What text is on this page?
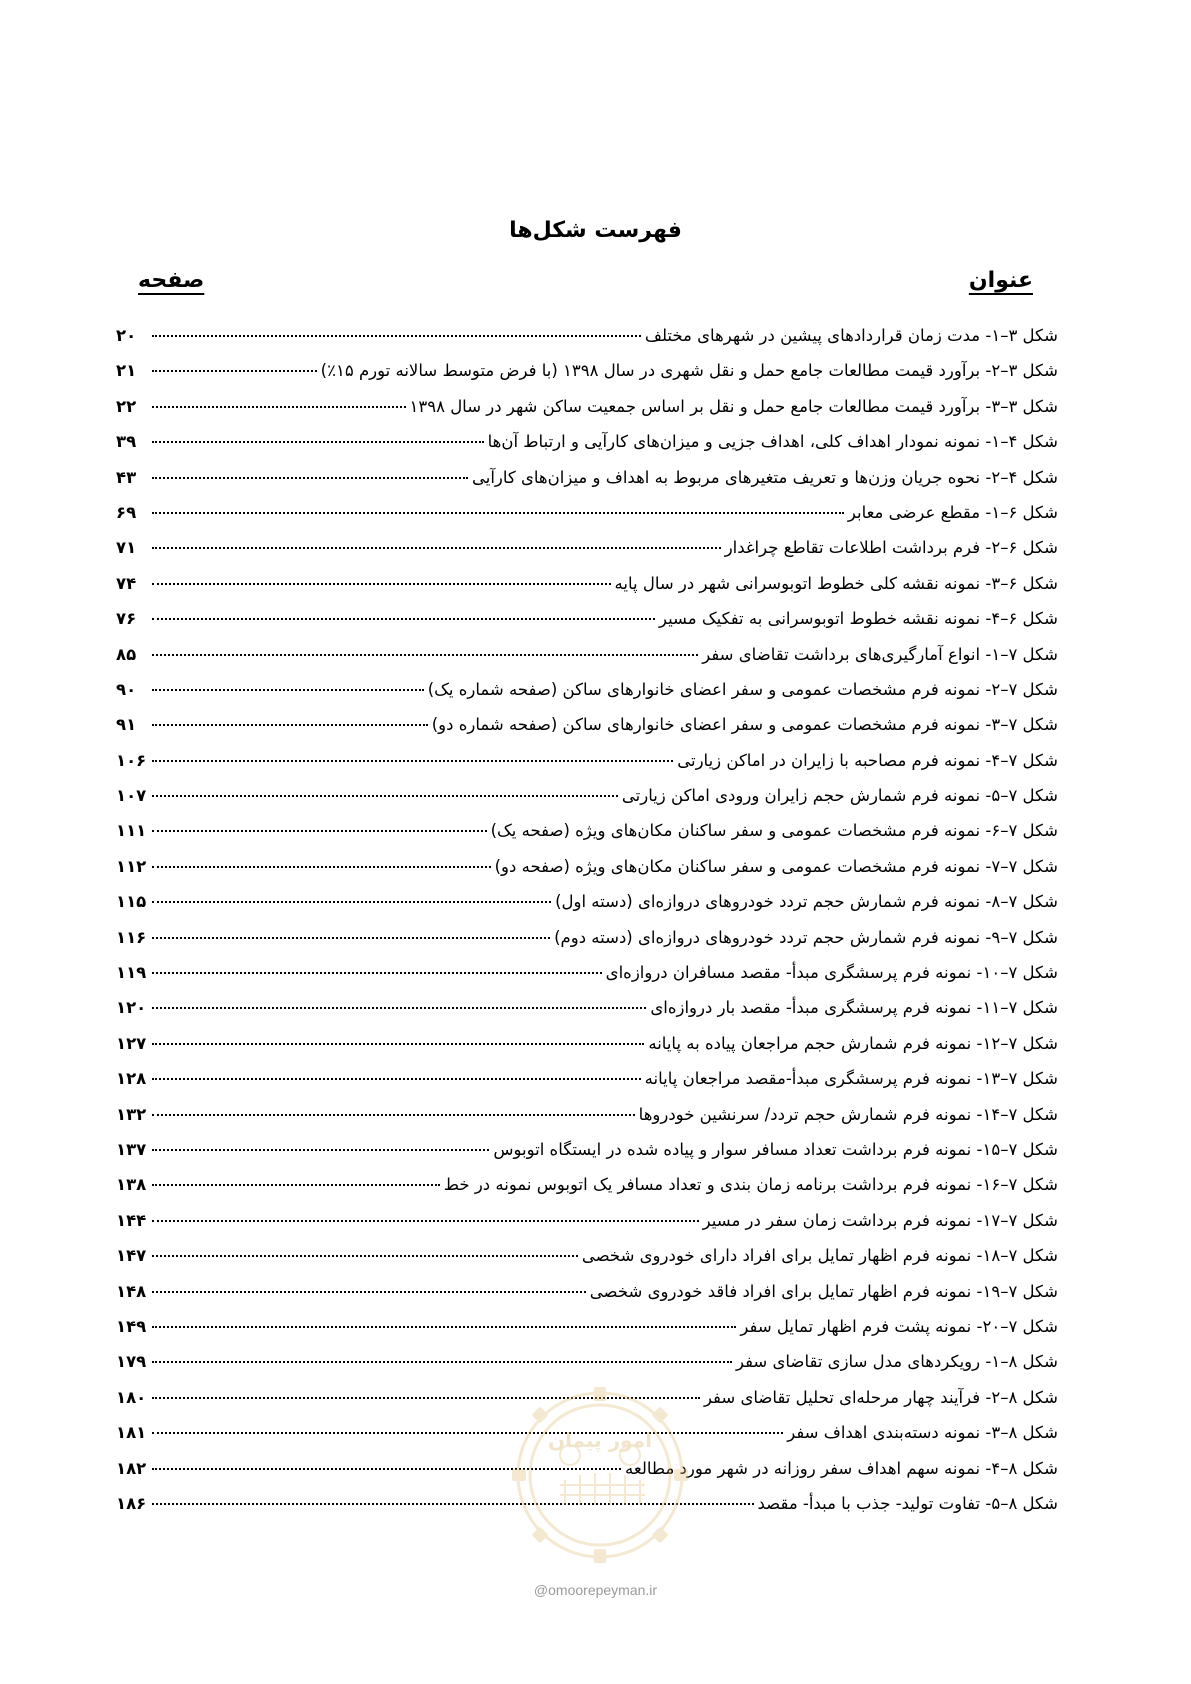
فهرست شکل‌ها
عنوان
صفحه
شکل ۳–۱- مدت زمان قراردادهای پیشین در شهرهای مختلف
۲۰
شکل ۳–۲- برآورد قیمت مطالعات جامع حمل و نقل شهری در سال ۱۳۹۸ (با فرض متوسط سالانه تورم ۱۵٪)
۲۱
شکل ۳–۳- برآورد قیمت مطالعات جامع حمل و نقل بر اساس جمعیت ساکن شهر در سال ۱۳۹۸
۲۲
شکل ۴–۱- نمونه نمودار اهداف کلی، اهداف جزیی و میزان‌های کارآیی و ارتباط آن‌ها
۳۹
شکل ۴–۲- نحوه جریان وزن‌ها و تعریف متغیرهای مربوط به اهداف و میزان‌های کارآیی
۴۳
شکل ۶–۱- مقطع عرضی معابر
۶۹
شکل ۶–۲- فرم برداشت اطلاعات تقاطع چراغدار
۷۱
شکل ۶–۳- نمونه نقشه کلی خطوط اتوبوسرانی شهر در سال پایه
۷۴
شکل ۶–۴- نمونه نقشه خطوط اتوبوسرانی به تفکیک مسیر
۷۶
شکل ۷–۱- انواع آمارگیری‌های برداشت تقاضای سفر
۸۵
شکل ۷–۲- نمونه فرم مشخصات عمومی و سفر اعضای خانوارهای ساکن (صفحه شماره یک)
۹۰
شکل ۷–۳- نمونه فرم مشخصات عمومی و سفر اعضای خانوارهای ساکن (صفحه شماره دو)
۹۱
شکل ۷–۴- نمونه فرم مصاحبه با زایران در اماکن زیارتی
۱۰۶
شکل ۷–۵- نمونه فرم شمارش حجم زایران ورودی اماکن زیارتی
۱۰۷
شکل ۷–۶- نمونه فرم مشخصات عمومی و سفر ساکنان مکان‌های ویژه (صفحه یک)
۱۱۱
شکل ۷–۷- نمونه فرم مشخصات عمومی و سفر ساکنان مکان‌های ویژه (صفحه دو)
۱۱۲
شکل ۷–۸- نمونه فرم شمارش حجم تردد خودروهای دروازه‌ای (دسته اول)
۱۱۵
شکل ۷–۹- نمونه فرم شمارش حجم تردد خودروهای دروازه‌ای (دسته دوم)
۱۱۶
شکل ۷–۱۰- نمونه فرم پرسشگری مبدأ- مقصد مسافران دروازه‌ای
۱۱۹
شکل ۷–۱۱- نمونه فرم پرسشگری مبدأ- مقصد بار دروازه‌ای
۱۲۰
شکل ۷–۱۲- نمونه فرم شمارش حجم مراجعان پیاده به پایانه
۱۲۷
شکل ۷–۱۳- نمونه فرم پرسشگری مبدأ-مقصد مراجعان پایانه
۱۲۸
شکل ۷–۱۴- نمونه فرم شمارش حجم تردد/ سرنشین خودروها
۱۳۲
شکل ۷–۱۵- نمونه فرم برداشت تعداد مسافر سوار و پیاده شده در ایستگاه اتوبوس
۱۳۷
شکل ۷–۱۶- نمونه فرم برداشت برنامه زمان بندی و تعداد مسافر یک اتوبوس نمونه در خط
۱۳۸
شکل ۷–۱۷- نمونه فرم برداشت زمان سفر در مسیر
۱۴۴
شکل ۷–۱۸- نمونه فرم اظهار تمایل برای افراد دارای خودروی شخصی
۱۴۷
شکل ۷–۱۹- نمونه فرم اظهار تمایل برای افراد فاقد خودروی شخصی
۱۴۸
شکل ۷–۲۰- نمونه پشت فرم اظهار تمایل سفر
۱۴۹
شکل ۸–۱- رویکردهای مدل سازی تقاضای سفر
۱۷۹
شکل ۸–۲- فرآیند چهار مرحله‌ای تحلیل تقاضای سفر
۱۸۰
شکل ۸–۳- نمونه دسته‌بندی اهداف سفر
۱۸۱
شکل ۸–۴- نمونه سهم اهداف سفر روزانه در شهر مورد مطالعه
۱۸۲
شکل ۸–۵- تفاوت تولید- جذب با مبدأ- مقصد
۱۸۶
امور پیمان
@omoorepeyman.ir
